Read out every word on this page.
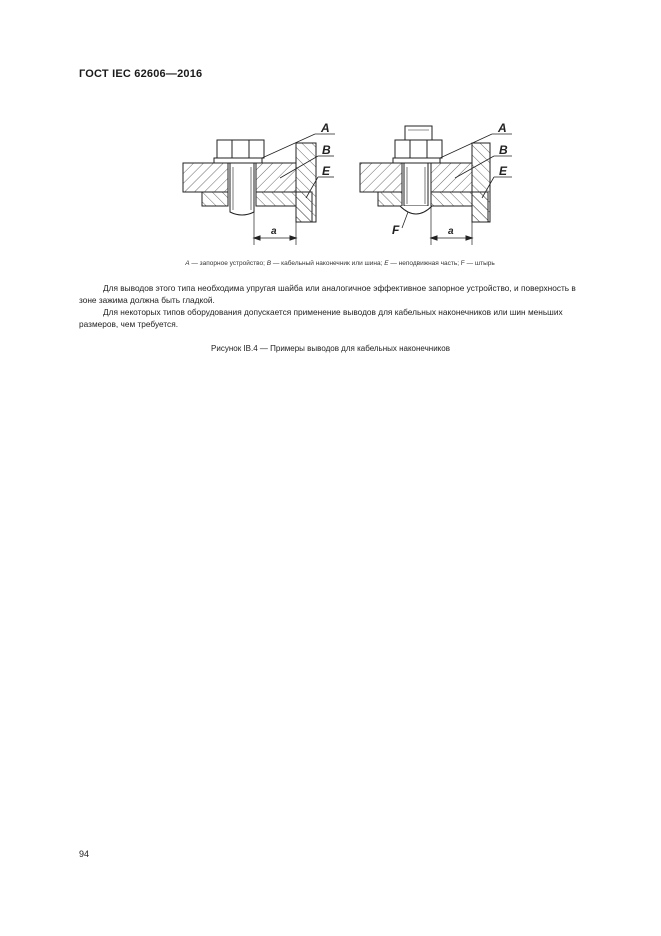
ГОСТ IEC 62606—2016
A
B
E
a
A
B
E
F	a
A — запорное устройство; B — кабельный наконечник или шина; E — неподвижная часть; F — штырь
Для выводов этого типа необходима упругая шайба или аналогичное эффективное запорное устройство, и поверхность в зоне зажима должна быть гладкой.
Для некоторых типов оборудования допускается применение выводов для кабельных наконечников или шин меньших размеров, чем требуется.
Рисунок IB.4 — Примеры выводов для кабельных наконечников
94
